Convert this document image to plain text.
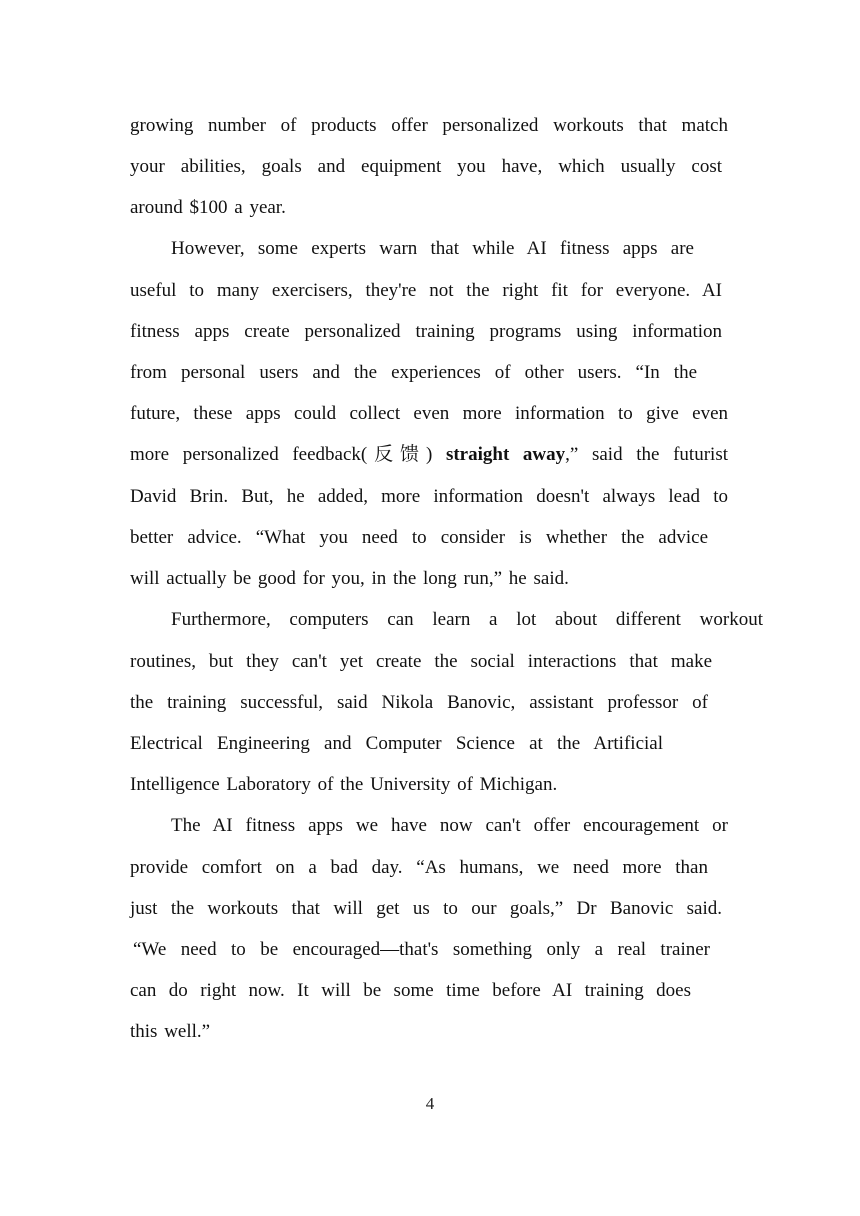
growing number of products offer personalized workouts that match
your abilities, goals and equipment you have, which usually cost
around $100 a year.
However, some experts warn that while AI fitness apps are
useful to many exercisers, they're not the right fit for everyone. AI
fitness apps create personalized training programs using information
from personal users and the experiences of other users. “In the
future, these apps could collect even more information to give even
more personalized feedback(反馈) straight away,” said the futurist
David Brin. But, he added, more information doesn't always lead to
better advice. “What you need to consider is whether the advice
will actually be good for you, in the long run,” he said.
Furthermore, computers can learn a lot about different workout
routines, but they can't yet create the social interactions that make
the training successful, said Nikola Banovic, assistant professor of
Electrical Engineering and Computer Science at the Artificial
Intelligence Laboratory of the University of Michigan.
The AI fitness apps we have now can't offer encouragement or
provide comfort on a bad day. “As humans, we need more than
just the workouts that will get us to our goals,” Dr Banovic said.
“We need to be encouraged—that's something only a real trainer
can do right now. It will be some time before AI training does
this well.”
4
